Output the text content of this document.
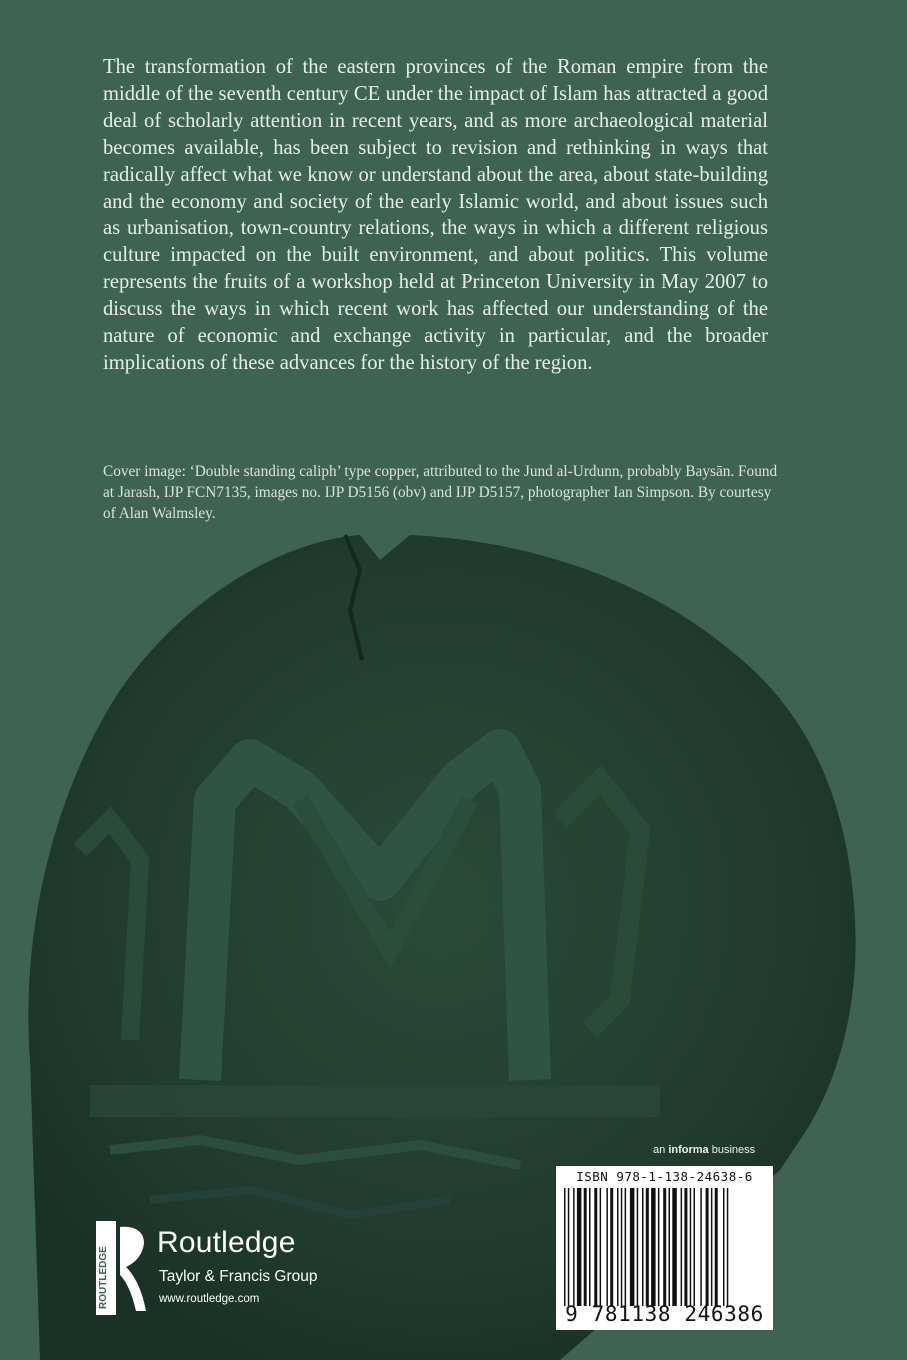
The transformation of the eastern provinces of the Roman empire from the middle of the seventh century CE under the impact of Islam has attracted a good deal of scholarly attention in recent years, and as more archaeological material becomes available, has been subject to revision and rethinking in ways that radically affect what we know or understand about the area, about state-building and the economy and society of the early Islamic world, and about issues such as urbanisation, town-country relations, the ways in which a different religious culture impacted on the built environment, and about politics. This volume represents the fruits of a workshop held at Princeton University in May 2007 to discuss the ways in which recent work has affected our understanding of the nature of economic and exchange activity in particular, and the broader implications of these advances for the history of the region.

Cover image: ‘Double standing caliph’ type copper, attributed to the Jund al-Urdunn, probably Baysān. Found at Jarash, IJP FCN7135, images no. IJP D5156 (obv) and IJP D5157, photographer Ian Simpson. By courtesy of Alan Walmsley.

an informa business
ISBN 978-1-138-24638-6
9 781138 246386
ROUTLEDGE
Routledge
Taylor & Francis Group
www.routledge.com
